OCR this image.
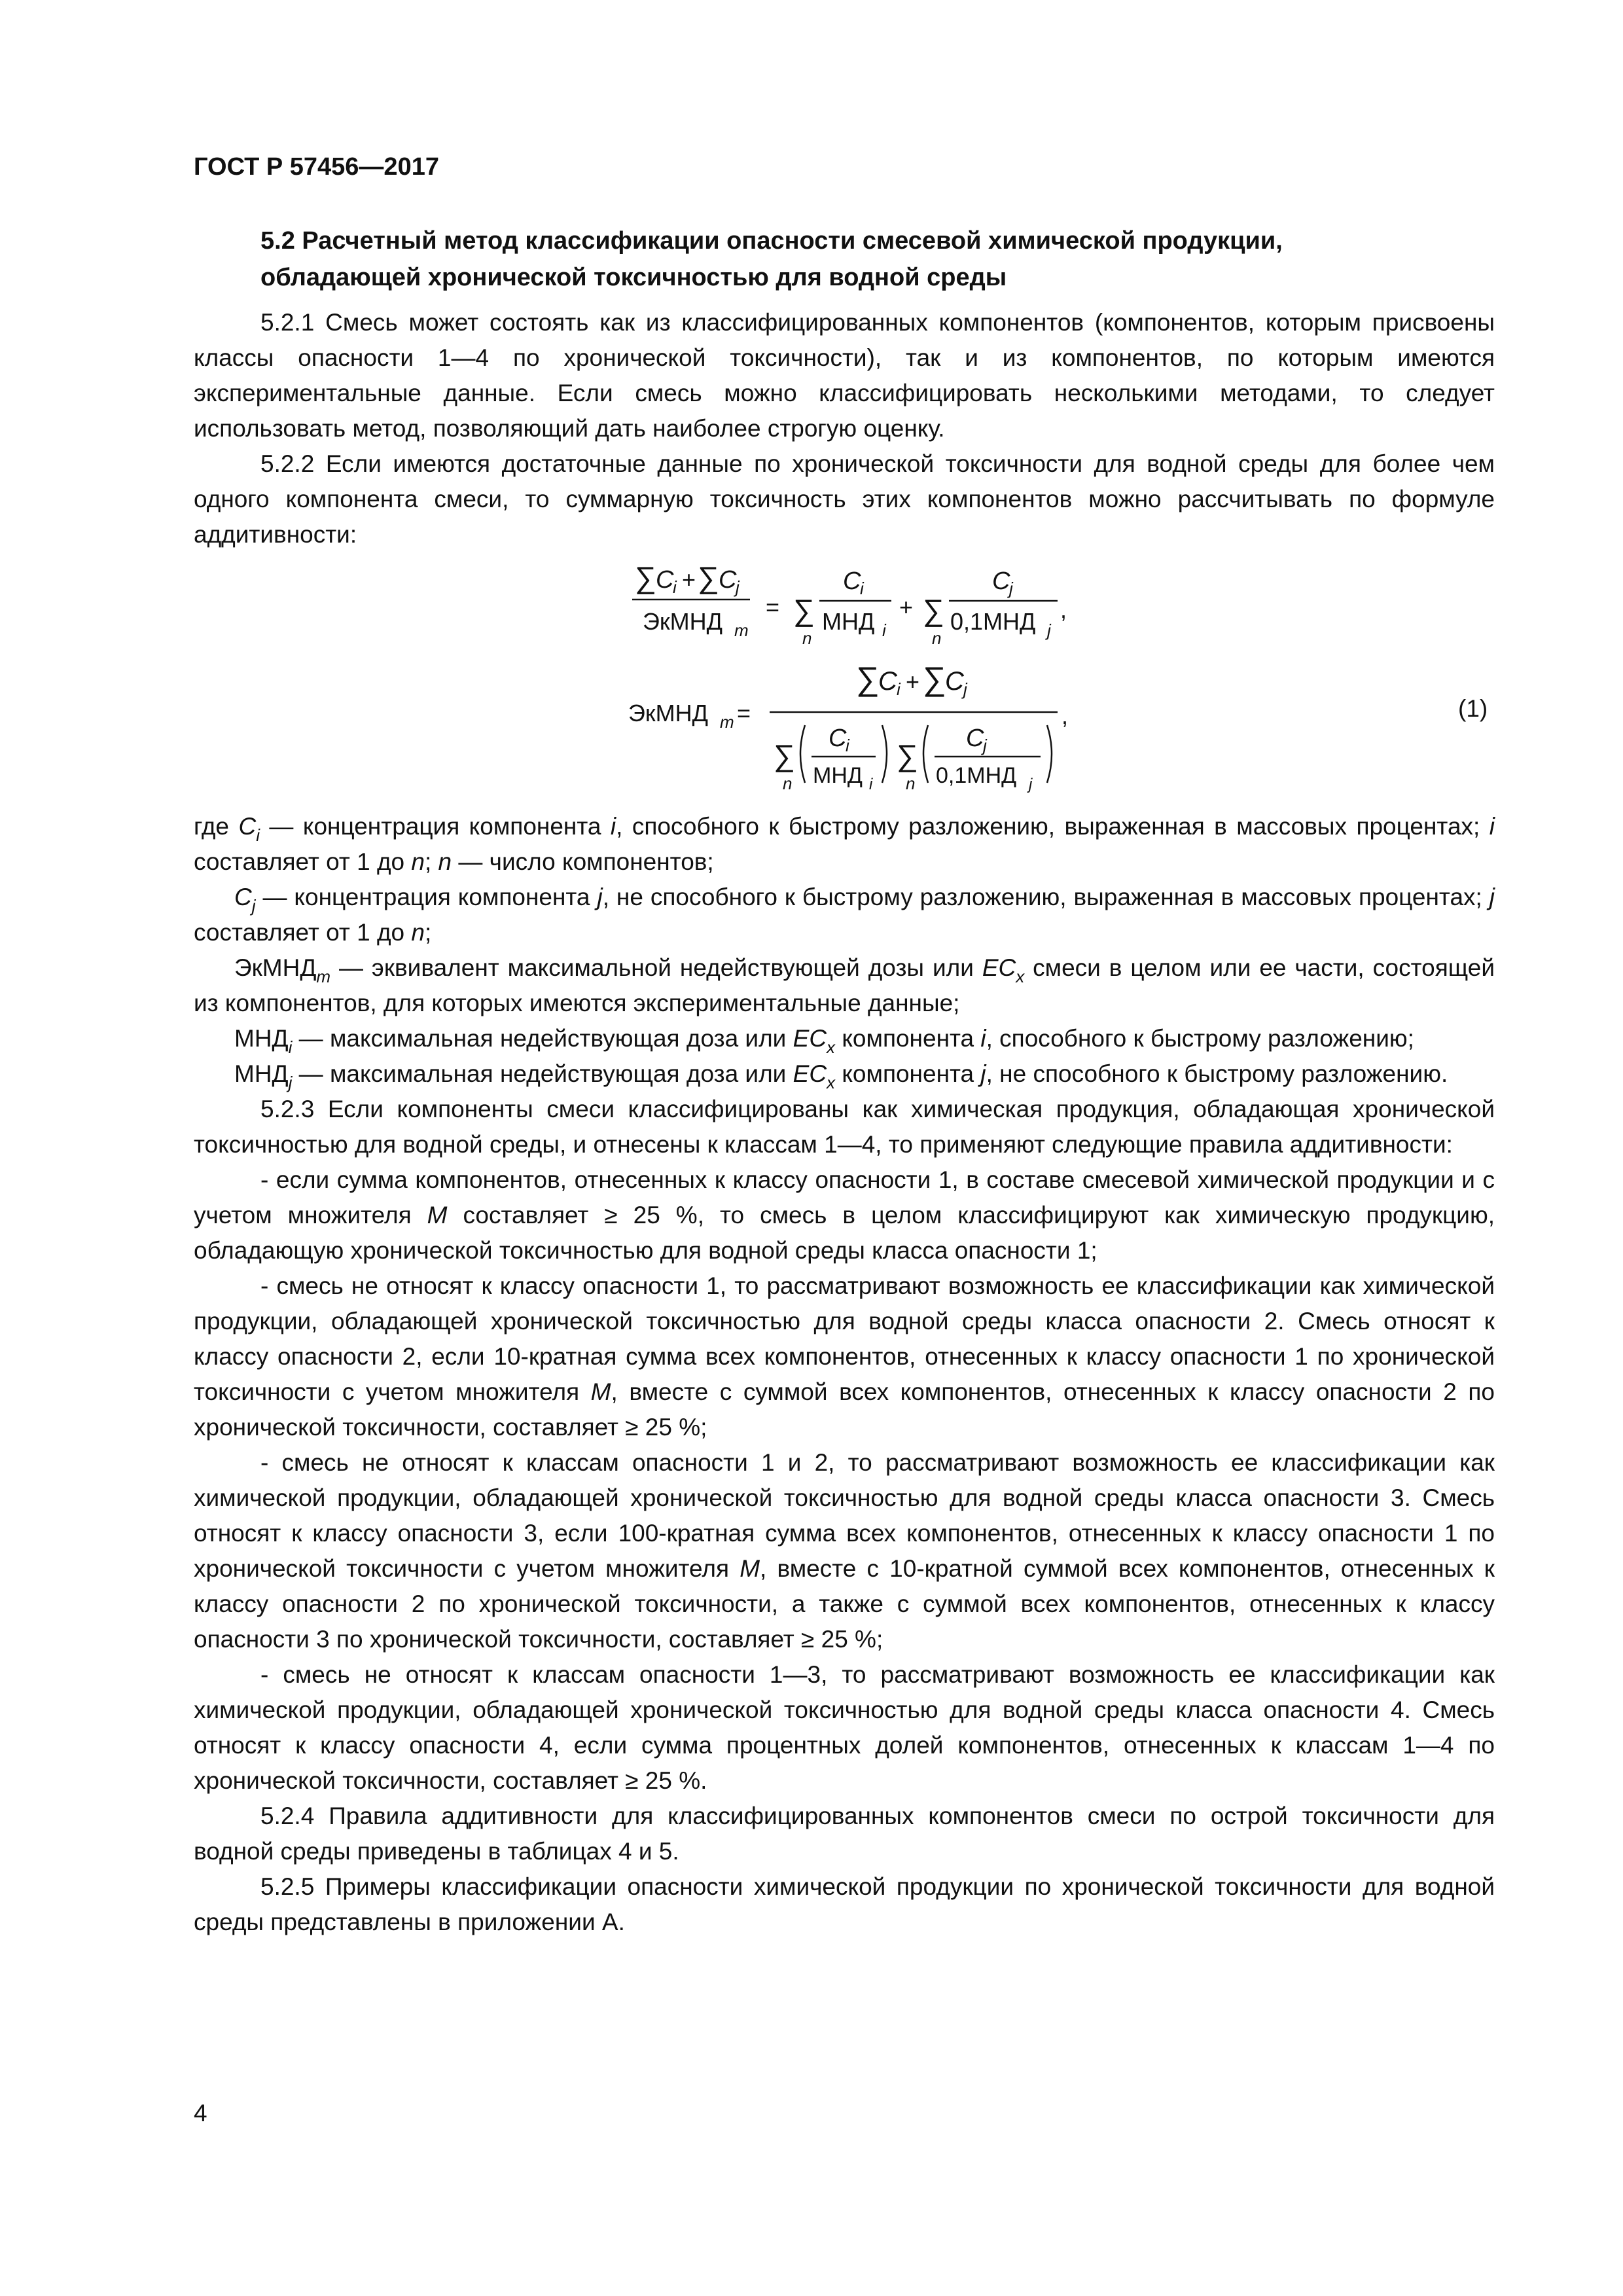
ГОСТ Р 57456—2017
5.2 Расчетный метод классификации опасности смесевой химической продукции,
обладающей хронической токсичностью для водной среды

5.2.1 Смесь может состоять как из классифицированных компонентов (компонентов, которым присвоены классы опасности 1—4 по хронической токсичности), так и из компонентов, по которым имеются экспериментальные данные. Если смесь можно классифицировать несколькими методами, то следует использовать метод, позволяющий дать наиболее строгую оценку.

5.2.2 Если имеются достаточные данные по хронической токсичности для водной среды для более чем одного компонента смеси, то суммарную токсичность этих компонентов можно рассчитывать по формуле аддитивности:

∑ C
i + ∑ C
j
ЭкМНД m
= ∑
n
C
i
МНД i
+ ∑
n
C
j
0,1МНД j
,
ЭкМНД m =
∑
C i + ∑
C j
∑
n
C
i
МНД i
∑
n
C
j
0,1МНД j
,	(1)

где $C_i$ — концентрация компонента i, способного к быстрому разложению, выраженная в массовых процентах; i составляет от 1 до n; n — число компонентов;

$C_j$ — концентрация компонента j, не способного к быстрому разложению, выраженная в массовых процентах; j составляет от 1 до n;

ЭкМНД$_m$ — эквивалент максимальной недействующей дозы или $EC_x$ смеси в целом или ее части, состоящей из компонентов, для которых имеются экспериментальные данные;

$МНД_i$ — максимальная недействующая доза или $EC_x$ компонента i, способного к быстрому разложению;

$МНД_j$ — максимальная недействующая доза или $EC_x$ компонента j, не способного к быстрому разложению.

5.2.3 Если компоненты смеси классифицированы как химическая продукция, обладающая хронической токсичностью для водной среды, и отнесены к классам 1—4, то применяют следующие правила аддитивности:

- если сумма компонентов, отнесенных к классу опасности 1, в составе смесевой химической продукции и с учетом множителя M составляет ≥ 25 %, то смесь в целом классифицируют как химическую продукцию, обладающую хронической токсичностью для водной среды класса опасности 1;

- смесь не относят к классу опасности 1, то рассматривают возможность ее классификации как химической продукции, обладающей хронической токсичностью для водной среды класса опасности 2. Смесь относят к классу опасности 2, если 10-кратная сумма всех компонентов, отнесенных к классу опасности 1 по хронической токсичности с учетом множителя M, вместе с суммой всех компонентов, отнесенных к классу опасности 2 по хронической токсичности, составляет ≥ 25 %;

- смесь не относят к классам опасности 1 и 2, то рассматривают возможность ее классификации как химической продукции, обладающей хронической токсичностью для водной среды класса опасности 3. Смесь относят к классу опасности 3, если 100-кратная сумма всех компонентов, отнесенных к классу опасности 1 по хронической токсичности с учетом множителя M, вместе с 10-кратной суммой всех компонентов, отнесенных к классу опасности 2 по хронической токсичности, а также с суммой всех компонентов, отнесенных к классу опасности 3 по хронической токсичности, составляет ≥ 25 %;

- смесь не относят к классам опасности 1—3, то рассматривают возможность ее классификации как химической продукции, обладающей хронической токсичностью для водной среды класса опасности 4. Смесь относят к классу опасности 4, если сумма процентных долей компонентов, отнесенных к классам 1—4 по хронической токсичности, составляет ≥ 25 %.

5.2.4 Правила аддитивности для классифицированных компонентов смеси по острой токсичности для водной среды приведены в таблицах 4 и 5.

5.2.5 Примеры классификации опасности химической продукции по хронической токсичности для водной среды представлены в приложении А.

4
